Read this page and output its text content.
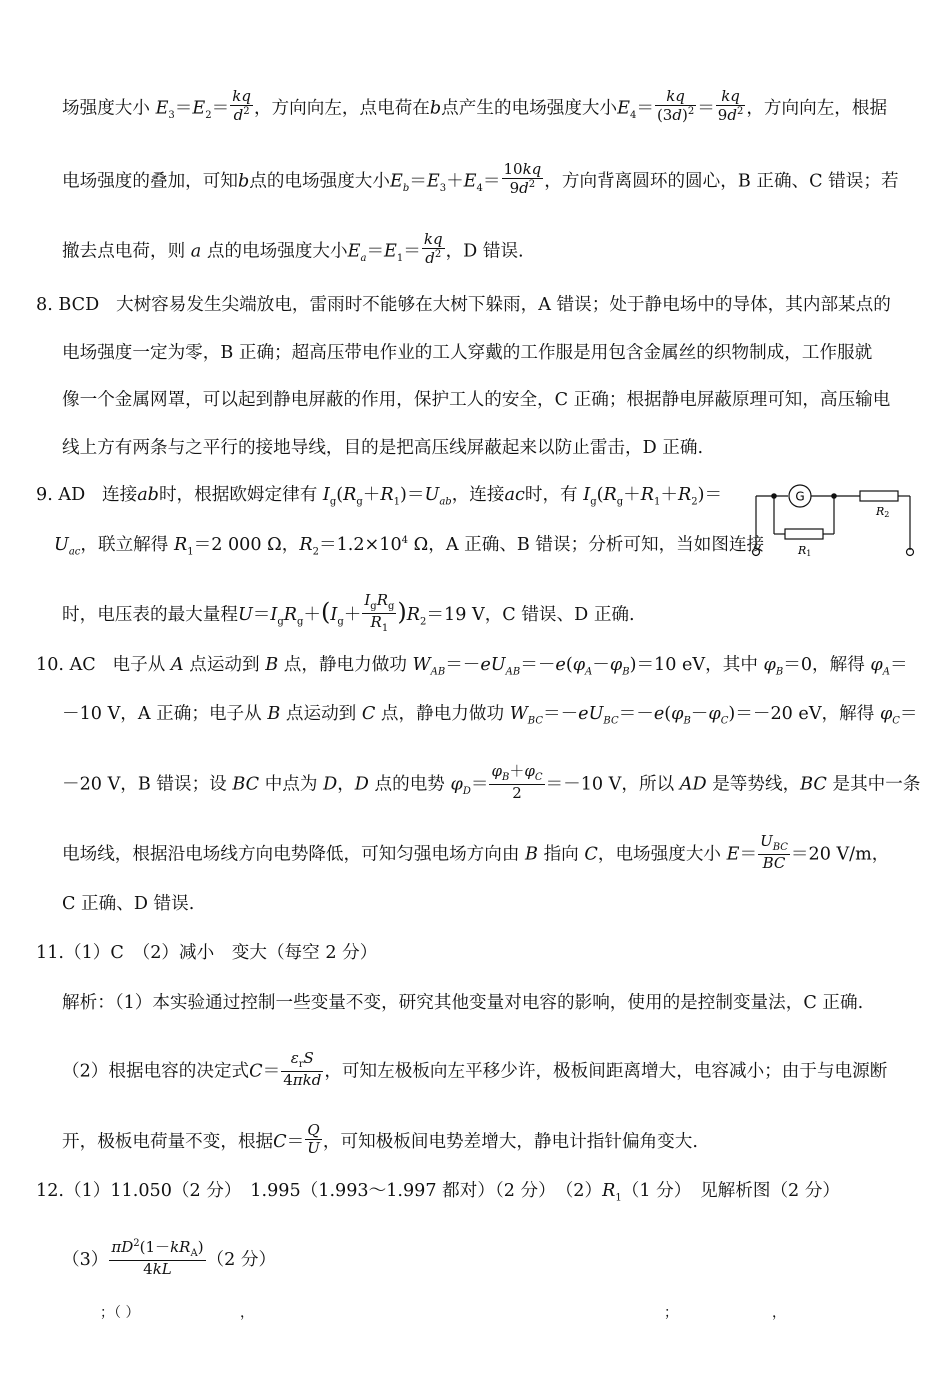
场强度大小 $E_3=E_2= \frac{kq}{d^2}$ ，方向向左，点电荷在b点产生的电场强度大小$E_4= \frac{kq}{(3d)^2} = \frac{kq}{9d^2}$ ，方向向左，根据
电场强度的叠加，可知b点的电场强度大小$E_b=E_3+E_4= \frac{10kq}{9d^2}$ ，方向背离圆环的圆心，B 正确、C 错误；若
撤去点电荷，则 a 点的电场强度大小$E_a=E_1= \frac{kq}{d^2}$ ，D 错误.
8. BCD 大树容易发生尖端放电，雷雨时不能够在大树下躲雨，A 错误；处于静电场中的导体，其内部某点的
电场强度一定为零，B 正确；超高压带电作业的工人穿戴的工作服是用包含金属丝的织物制成，工作服就
像一个金属网罩，可以起到静电屏蔽的作用，保护工人的安全，C 正确；根据静电屏蔽原理可知，高压输电
线上方有两条与之平行的接地导线，目的是把高压线屏蔽起来以防止雷击，D 正确.
9. AD 连接ab时，根据欧姆定律有 $I_g(R_g+R_1)=U_{ab}$，连接ac时，有 $I_g(R_g+R_1+R_2)=$
$U_{ac}$，联立解得 $R_1=2$ 000 Ω，$R_2=1.2\times 10^4$ Ω，A 正确、B 错误；分析可知，当如图连接
时，电压表的最大量程$U=I_gR_g+(I_g+ \frac{I_gR_g}{R_1} )R_2=19$ V，C 错误、D 正确.
G
R2
R1
10. AC 电子从 A 点运动到 B 点，静电力做功 $W_{AB}=-eU_{AB}=-e(\varphi_A-\varphi_B)=10$ eV，其中 $\varphi_B=0$，解得 $\varphi_A=$
－10 V，A 正确；电子从 B 点运动到 C 点，静电力做功 $W_{BC}=-eU_{BC}=-e(\varphi_B-\varphi_C)=-20$ eV，解得 $\varphi_C=$
－20 V，B 错误；设 BC 中点为 D，D 点的电势 $\varphi_D= \frac{\varphi_B+\varphi_C}{2} =-10$ V，所以 AD 是等势线，BC 是其中一条
电场线，根据沿电场线方向电势降低，可知匀强电场方向由 B 指向 C，电场强度大小 $E= \frac{U_{BC}}{BC} =20$ V/m，
C 正确、D 错误.
11.（1）C　（2）减小　变大（每空 2 分）
解析：（1）本实验通过控制一些变量不变，研究其他变量对电容的影响，使用的是控制变量法，C 正确.
（2）根据电容的决定式$C= \frac{\varepsilon_rS}{\text{4πkd}}$ ，可知左极板向左平移少许，极板间距离增大，电容减小；由于与电源断
开，极板电荷量不变，根据$C= \frac{Q}{U}$ ，可知极板间电势差增大，静电计指针偏角变大.
12.（1）11.050（2 分）　1.995（1.993～1.997 都对）（2 分）　$(2)R_1(1$ 分）　见解析图（2 分）
$(3) \frac{\pi D^2(1-kR_A)}{4kL} (2$ 分）
；（ ）	，	；	，
